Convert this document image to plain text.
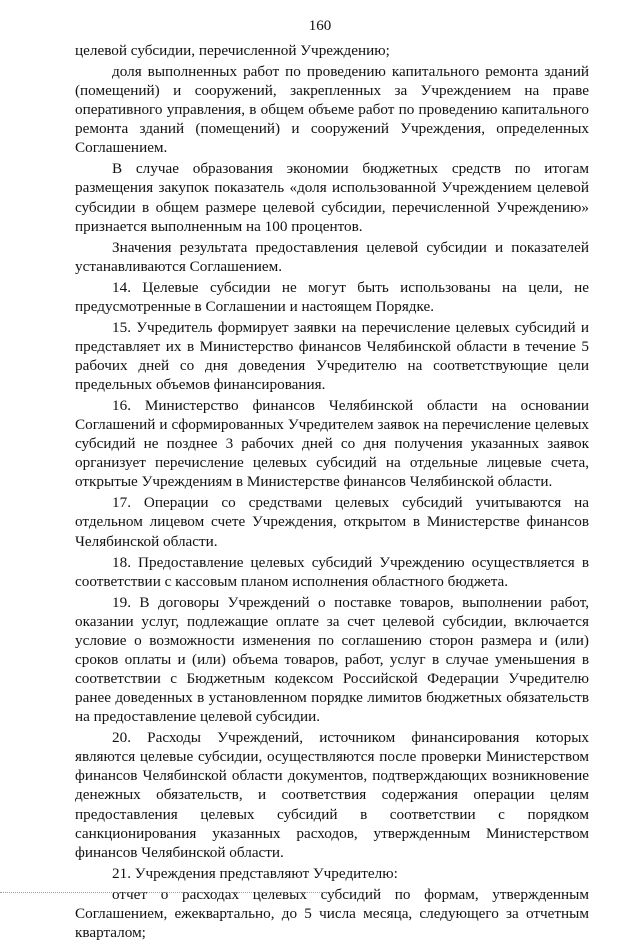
160

целевой субсидии, перечисленной Учреждению;

доля выполненных работ по проведению капитального ремонта зданий (помещений) и сооружений, закрепленных за Учреждением на праве оперативного управления, в общем объеме работ по проведению капитального ремонта зданий (помещений) и сооружений Учреждения, определенных Соглашением.

В случае образования экономии бюджетных средств по итогам размещения закупок показатель «доля использованной Учреждением целевой субсидии в общем размере целевой субсидии, перечисленной Учреждению» признается выполненным на 100 процентов.

Значения результата предоставления целевой субсидии и показателей устанавливаются Соглашением.

14. Целевые субсидии не могут быть использованы на цели, не предусмотренные в Соглашении и настоящем Порядке.

15. Учредитель формирует заявки на перечисление целевых субсидий и представляет их в Министерство финансов Челябинской области в течение 5 рабочих дней со дня доведения Учредителю на соответствующие цели предельных объемов финансирования.

16. Министерство финансов Челябинской области на основании Соглашений и сформированных Учредителем заявок на перечисление целевых субсидий не позднее 3 рабочих дней со дня получения указанных заявок организует перечисление целевых субсидий на отдельные лицевые счета, открытые Учреждениям в Министерстве финансов Челябинской области.

17. Операции со средствами целевых субсидий учитываются на отдельном лицевом счете Учреждения, открытом в Министерстве финансов Челябинской области.

18. Предоставление целевых субсидий Учреждению осуществляется в соответствии с кассовым планом исполнения областного бюджета.

19. В договоры Учреждений о поставке товаров, выполнении работ, оказании услуг, подлежащие оплате за счет целевой субсидии, включается условие о возможности изменения по соглашению сторон размера и (или) сроков оплаты и (или) объема товаров, работ, услуг в случае уменьшения в соответствии с Бюджетным кодексом Российской Федерации Учредителю ранее доведенных в установленном порядке лимитов бюджетных обязательств на предоставление целевой субсидии.

20. Расходы Учреждений, источником финансирования которых являются целевые субсидии, осуществляются после проверки Министерством финансов Челябинской области документов, подтверждающих возникновение денежных обязательств, и соответствия содержания операции целям предоставления целевых субсидий в соответствии с порядком санкционирования указанных расходов, утвержденным Министерством финансов Челябинской области.

21. Учреждения представляют Учредителю:

отчет о расходах целевых субсидий по формам, утвержденным Соглашением, ежеквартально, до 5 числа месяца, следующего за отчетным кварталом;
